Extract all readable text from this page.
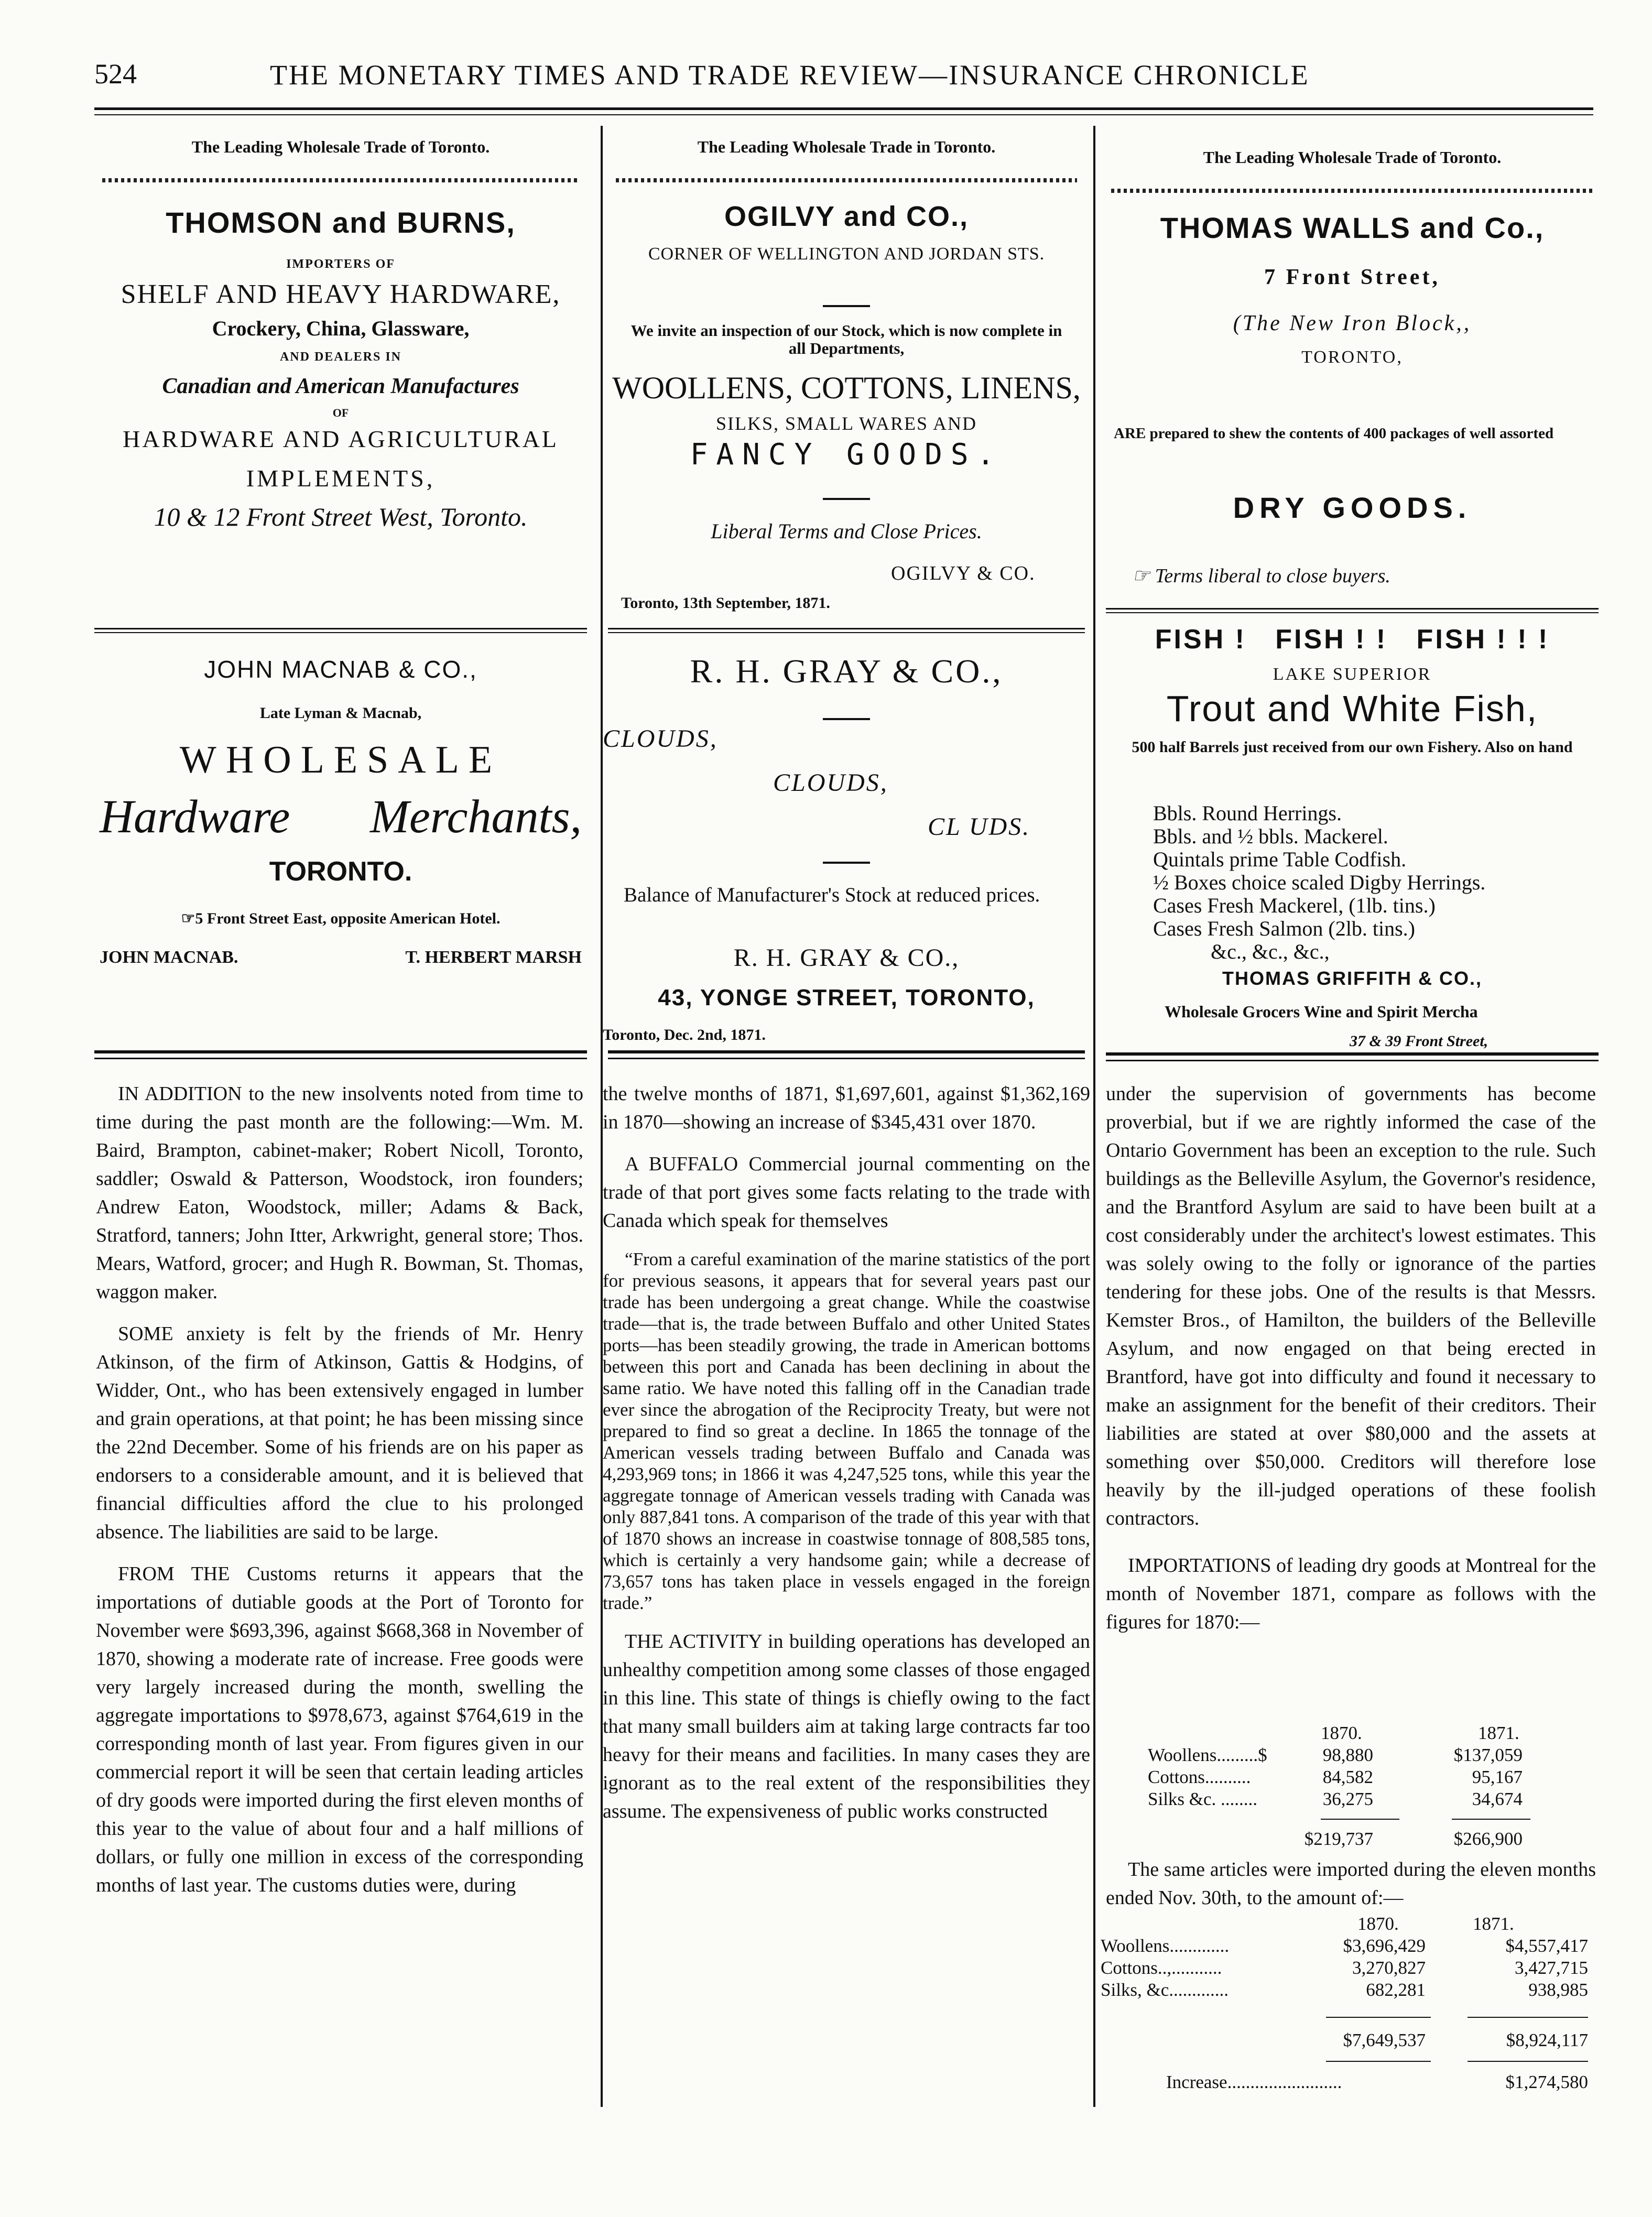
524	THE MONETARY TIMES AND TRADE REVIEW—INSURANCE CHRONICLE
The Leading Wholesale Trade of Toronto.
THOMSON and BURNS,
IMPORTERS OF
SHELF AND HEAVY HARDWARE,
Crockery, China, Glassware,
AND DEALERS IN
Canadian and American Manufactures
OF
HARDWARE AND AGRICULTURAL
IMPLEMENTS,
10 & 12 Front Street West, Toronto.
JOHN MACNAB & CO.,
Late Lyman & Macnab,
WHOLESALE
Hardware Merchants,
TORONTO.
☞5 Front Street East, opposite American Hotel.
JOHN MACNAB.	T. HERBERT MARSH
The Leading Wholesale Trade in Toronto.
OGILVY and CO.,
CORNER OF WELLINGTON AND JORDAN STS.
We invite an inspection of our Stock, which is now complete in all Departments,
WOOLLENS, COTTONS, LINENS,
SILKS, SMALL WARES AND
FANCY GOODS.
Liberal Terms and Close Prices.
OGILVY & CO.
Toronto, 13th September, 1871.
R. H. GRAY & CO.,
CLOUDS,
CLOUDS,
CL UDS.
Balance of Manufacturer's Stock at reduced prices.
R. H. GRAY & CO.,
43, YONGE STREET, TORONTO,
Toronto, Dec. 2nd, 1871.
The Leading Wholesale Trade of Toronto.
THOMAS WALLS and Co.,
7 Front Street,
(The New Iron Block,,
TORONTO,
ARE prepared to shew the contents of 400 packages of well assorted
DRY GOODS.
☞ Terms liberal to close buyers.
FISH !   FISH ! !   FISH ! ! !
LAKE SUPERIOR
Trout and White Fish,
500 half Barrels just received from our own Fishery. Also on hand
Bbls. Round Herrings.
Bbls. and ½ bbls. Mackerel.
Quintals prime Table Codfish.
½ Boxes choice scaled Digby Herrings.
Cases Fresh Mackerel, (1lb. tins.)
Cases Fresh Salmon (2lb. tins.)
&c., &c., &c.,
THOMAS GRIFFITH & CO.,
Wholesale Grocers Wine and Spirit Mercha
37 & 39 Front Street,

IN ADDITION to the new insolvents noted from time to time during the past month are the following:—Wm. M. Baird, Brampton, cabinet-maker; Robert Nicoll, Toronto, saddler; Oswald & Patterson, Woodstock, iron founders; Andrew Eaton, Woodstock, miller; Adams & Back, Stratford, tanners; John Itter, Arkwright, general store; Thos. Mears, Watford, grocer; and Hugh R. Bowman, St. Thomas, waggon maker.

SOME anxiety is felt by the friends of Mr. Henry Atkinson, of the firm of Atkinson, Gattis & Hodgins, of Widder, Ont., who has been extensively engaged in lumber and grain operations, at that point; he has been missing since the 22nd December. Some of his friends are on his paper as endorsers to a considerable amount, and it is believed that financial difficulties afford the clue to his prolonged absence. The liabilities are said to be large.

FROM THE Customs returns it appears that the importations of dutiable goods at the Port of Toronto for November were $693,396, against $668,368 in November of 1870, showing a moderate rate of increase. Free goods were very largely increased during the month, swelling the aggregate importations to $978,673, against $764,619 in the corresponding month of last year. From figures given in our commercial report it will be seen that certain leading articles of dry goods were imported during the first eleven months of this year to the value of about four and a half millions of dollars, or fully one million in excess of the corresponding months of last year. The customs duties were, during

the twelve months of 1871, $1,697,601, against $1,362,169 in 1870—showing an increase of $345,431 over 1870.

A BUFFALO Commercial journal commenting on the trade of that port gives some facts relating to the trade with Canada which speak for themselves

“From a careful examination of the marine statistics of the port for previous seasons, it appears that for several years past our trade has been undergoing a great change. While the coastwise trade—that is, the trade between Buffalo and other United States ports—has been steadily growing, the trade in American bottoms between this port and Canada has been declining in about the same ratio. We have noted this falling off in the Canadian trade ever since the abrogation of the Reciprocity Treaty, but were not prepared to find so great a decline. In 1865 the tonnage of the American vessels trading between Buffalo and Canada was 4,293,969 tons; in 1866 it was 4,247,525 tons, while this year the aggregate tonnage of American vessels trading with Canada was only 887,841 tons. A comparison of the trade of this year with that of 1870 shows an increase in coastwise tonnage of 808,585 tons, which is certainly a very handsome gain; while a decrease of 73,657 tons has taken place in vessels engaged in the foreign trade.”

THE ACTIVITY in building operations has developed an unhealthy competition among some classes of those engaged in this line. This state of things is chiefly owing to the fact that many small builders aim at taking large contracts far too heavy for their means and facilities. In many cases they are ignorant as to the real extent of the responsibilities they assume. The expensiveness of public works constructed

under the supervision of governments has become proverbial, but if we are rightly informed the case of the Ontario Government has been an exception to the rule. Such buildings as the Belleville Asylum, the Governor's residence, and the Brantford Asylum are said to have been built at a cost considerably under the architect's lowest estimates. This was solely owing to the folly or ignorance of the parties tendering for these jobs. One of the results is that Messrs. Kemster Bros., of Hamilton, the builders of the Belleville Asylum, and now engaged on that being erected in Brantford, have got into difficulty and found it necessary to make an assignment for the benefit of their creditors. Their liabilities are stated at over $80,000 and the assets at something over $50,000. Creditors will therefore lose heavily by the ill-judged operations of these foolish contractors.

IMPORTATIONS of leading dry goods at Montreal for the month of November 1871, compare as follows with the figures for 1870:—

1870.	1871.
Woollens.........$	98,880	$137,059
Cottons..........	84,582	95,167
Silks &c. ........	36,275	34,674
$219,737	$266,900

The same articles were imported during the eleven months ended Nov. 30th, to the amount of:—

1870.	1871.
Woollens.............	$3,696,429	$4,557,417
Cottons..,...........	3,270,827	3,427,715
Silks, &c.............	682,281	938,985
$7,649,537	$8,924,117
Increase.........................	$1,274,580
